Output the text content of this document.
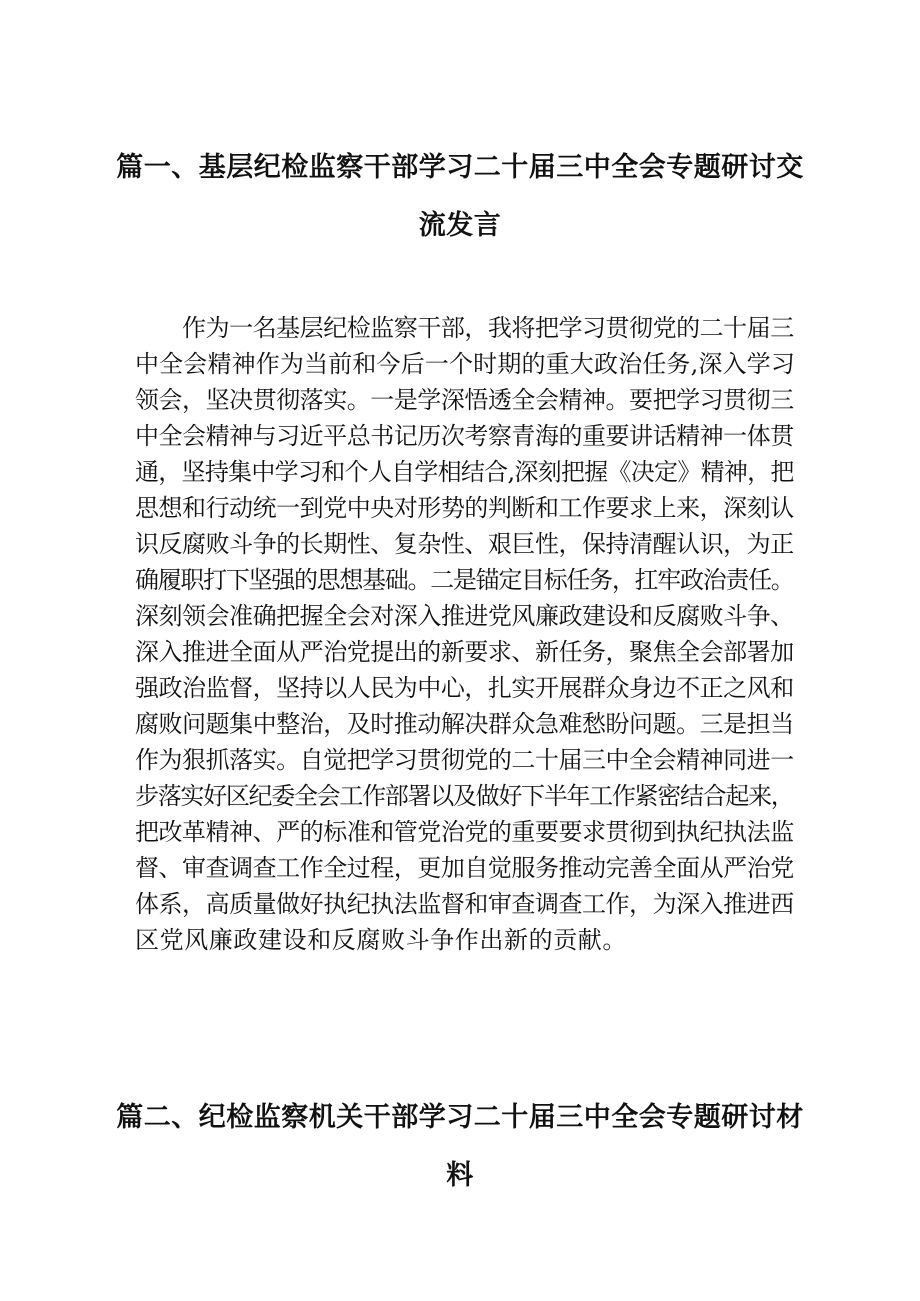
篇一、基层纪检监察干部学习二十届三中全会专题研讨交
流发言
　　作为一名基层纪检监察干部，我将把学习贯彻党的二十届三
中全会精神作为当前和今后一个时期的重大政治任务,深入学习
领会，坚决贯彻落实。一是学深悟透全会精神。要把学习贯彻三
中全会精神与习近平总书记历次考察青海的重要讲话精神一体贯
通，坚持集中学习和个人自学相结合,深刻把握《决定》精神，把
思想和行动统一到党中央对形势的判断和工作要求上来，深刻认
识反腐败斗争的长期性、复杂性、艰巨性，保持清醒认识，为正
确履职打下坚强的思想基础。二是锚定目标任务，扛牢政治责任。
深刻领会准确把握全会对深入推进党风廉政建设和反腐败斗争、
深入推进全面从严治党提出的新要求、新任务，聚焦全会部署加
强政治监督，坚持以人民为中心，扎实开展群众身边不正之风和
腐败问题集中整治，及时推动解决群众急难愁盼问题。三是担当
作为狠抓落实。自觉把学习贯彻党的二十届三中全会精神同进一
步落实好区纪委全会工作部署以及做好下半年工作紧密结合起来，
把改革精神、严的标准和管党治党的重要要求贯彻到执纪执法监
督、审查调查工作全过程，更加自觉服务推动完善全面从严治党
体系，高质量做好执纪执法监督和审查调查工作，为深入推进西
区党风廉政建设和反腐败斗争作出新的贡献。
篇二、纪检监察机关干部学习二十届三中全会专题研讨材
料
